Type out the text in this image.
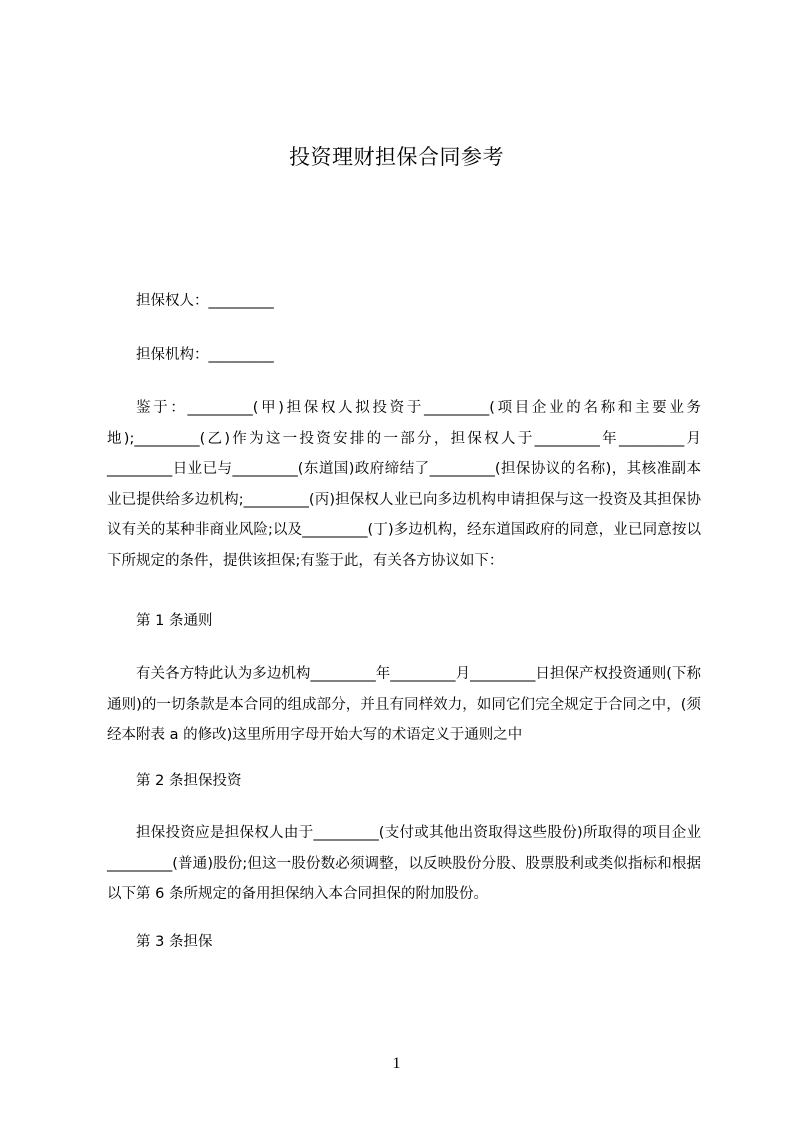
投资理财担保合同参考
担保权人：_________
担保机构：_________
鉴于：_________(甲)担保权人拟投资于_________(项目企业的名称和主要业务地);_________(乙)作为这一投资安排的一部分，担保权人于_________年_________月_________日业已与_________(东道国)政府缔结了_________(担保协议的名称)，其核准副本业已提供给多边机构;_________(丙)担保权人业已向多边机构申请担保与这一投资及其担保协议有关的某种非商业风险;以及_________(丁)多边机构，经东道国政府的同意，业已同意按以下所规定的条件，提供该担保;有鉴于此，有关各方协议如下：
第 1 条通则
有关各方特此认为多边机构_________年_________月_________日担保产权投资通则(下称通则)的一切条款是本合同的组成部分，并且有同样效力，如同它们完全规定于合同之中，(须经本附表 a 的修改)这里所用字母开始大写的术语定义于通则之中
第 2 条担保投资
担保投资应是担保权人由于_________(支付或其他出资取得这些股份)所取得的项目企业_________(普通)股份;但这一股份数必须调整，以反映股份分股、股票股利或类似指标和根据以下第 6 条所规定的备用担保纳入本合同担保的附加股份。
第 3 条担保
1
